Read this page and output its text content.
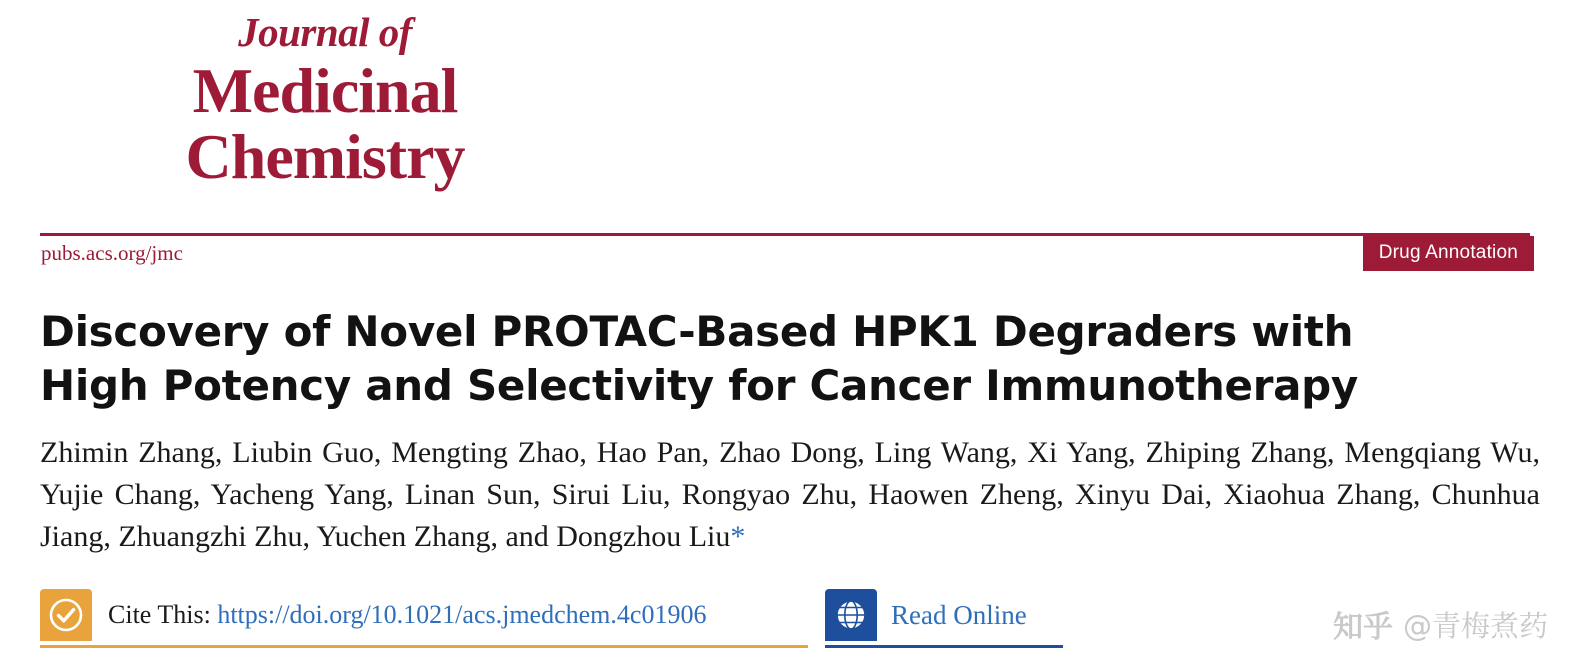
Journal of
Medicinal
Chemistry
pubs.acs.org/jmc	Drug Annotation
Discovery of Novel PROTAC-Based HPK1 Degraders with High Potency and Selectivity for Cancer Immunotherapy
Zhimin Zhang, Liubin Guo, Mengting Zhao, Hao Pan, Zhao Dong, Ling Wang, Xi Yang, Zhiping Zhang, Mengqiang Wu, Yujie Chang, Yacheng Yang, Linan Sun, Sirui Liu, Rongyao Zhu, Haowen Zheng, Xinyu Dai, Xiaohua Zhang, Chunhua Jiang, Zhuangzhi Zhu, Yuchen Zhang, and Dongzhou Liu*
Cite This: https://doi.org/10.1021/acs.jmedchem.4c01906	Read Online	知乎 @青梅煮药
